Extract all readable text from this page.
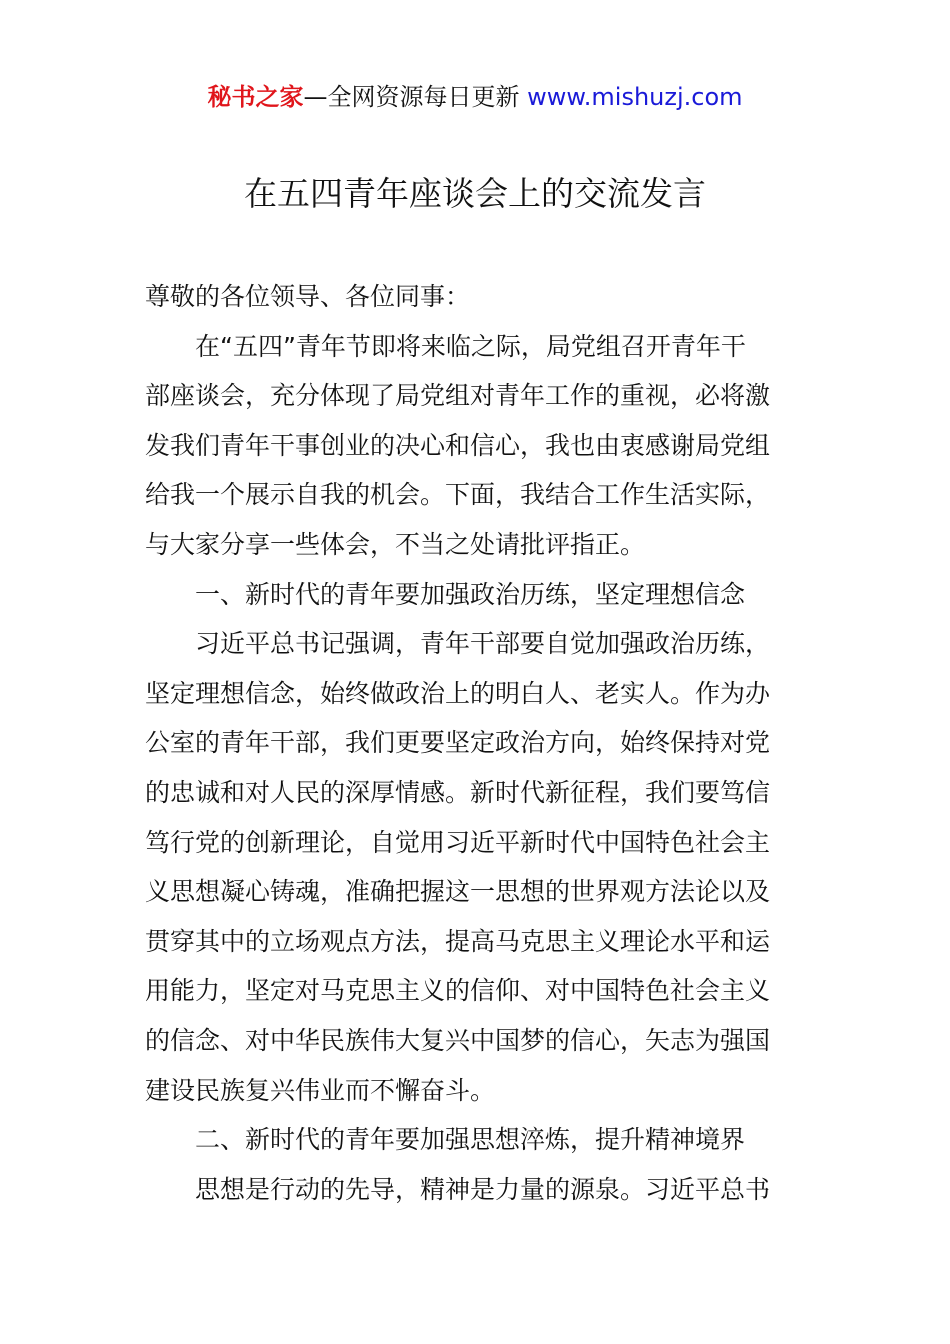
秘书之家—全网资源每日更新 www.mishuzj.com
在五四青年座谈会上的交流发言
尊敬的各位领导、各位同事：
在“五四”青年节即将来临之际，局党组召开青年干
部座谈会，充分体现了局党组对青年工作的重视，必将激
发我们青年干事创业的决心和信心，我也由衷感谢局党组
给我一个展示自我的机会。下面，我结合工作生活实际，
与大家分享一些体会，不当之处请批评指正。
一、新时代的青年要加强政治历练，坚定理想信念
习近平总书记强调，青年干部要自觉加强政治历练，
坚定理想信念，始终做政治上的明白人、老实人。作为办
公室的青年干部，我们更要坚定政治方向，始终保持对党
的忠诚和对人民的深厚情感。新时代新征程，我们要笃信
笃行党的创新理论，自觉用习近平新时代中国特色社会主
义思想凝心铸魂，准确把握这一思想的世界观方法论以及
贯穿其中的立场观点方法，提高马克思主义理论水平和运
用能力，坚定对马克思主义的信仰、对中国特色社会主义
的信念、对中华民族伟大复兴中国梦的信心，矢志为强国
建设民族复兴伟业而不懈奋斗。
二、新时代的青年要加强思想淬炼，提升精神境界
思想是行动的先导，精神是力量的源泉。习近平总书
